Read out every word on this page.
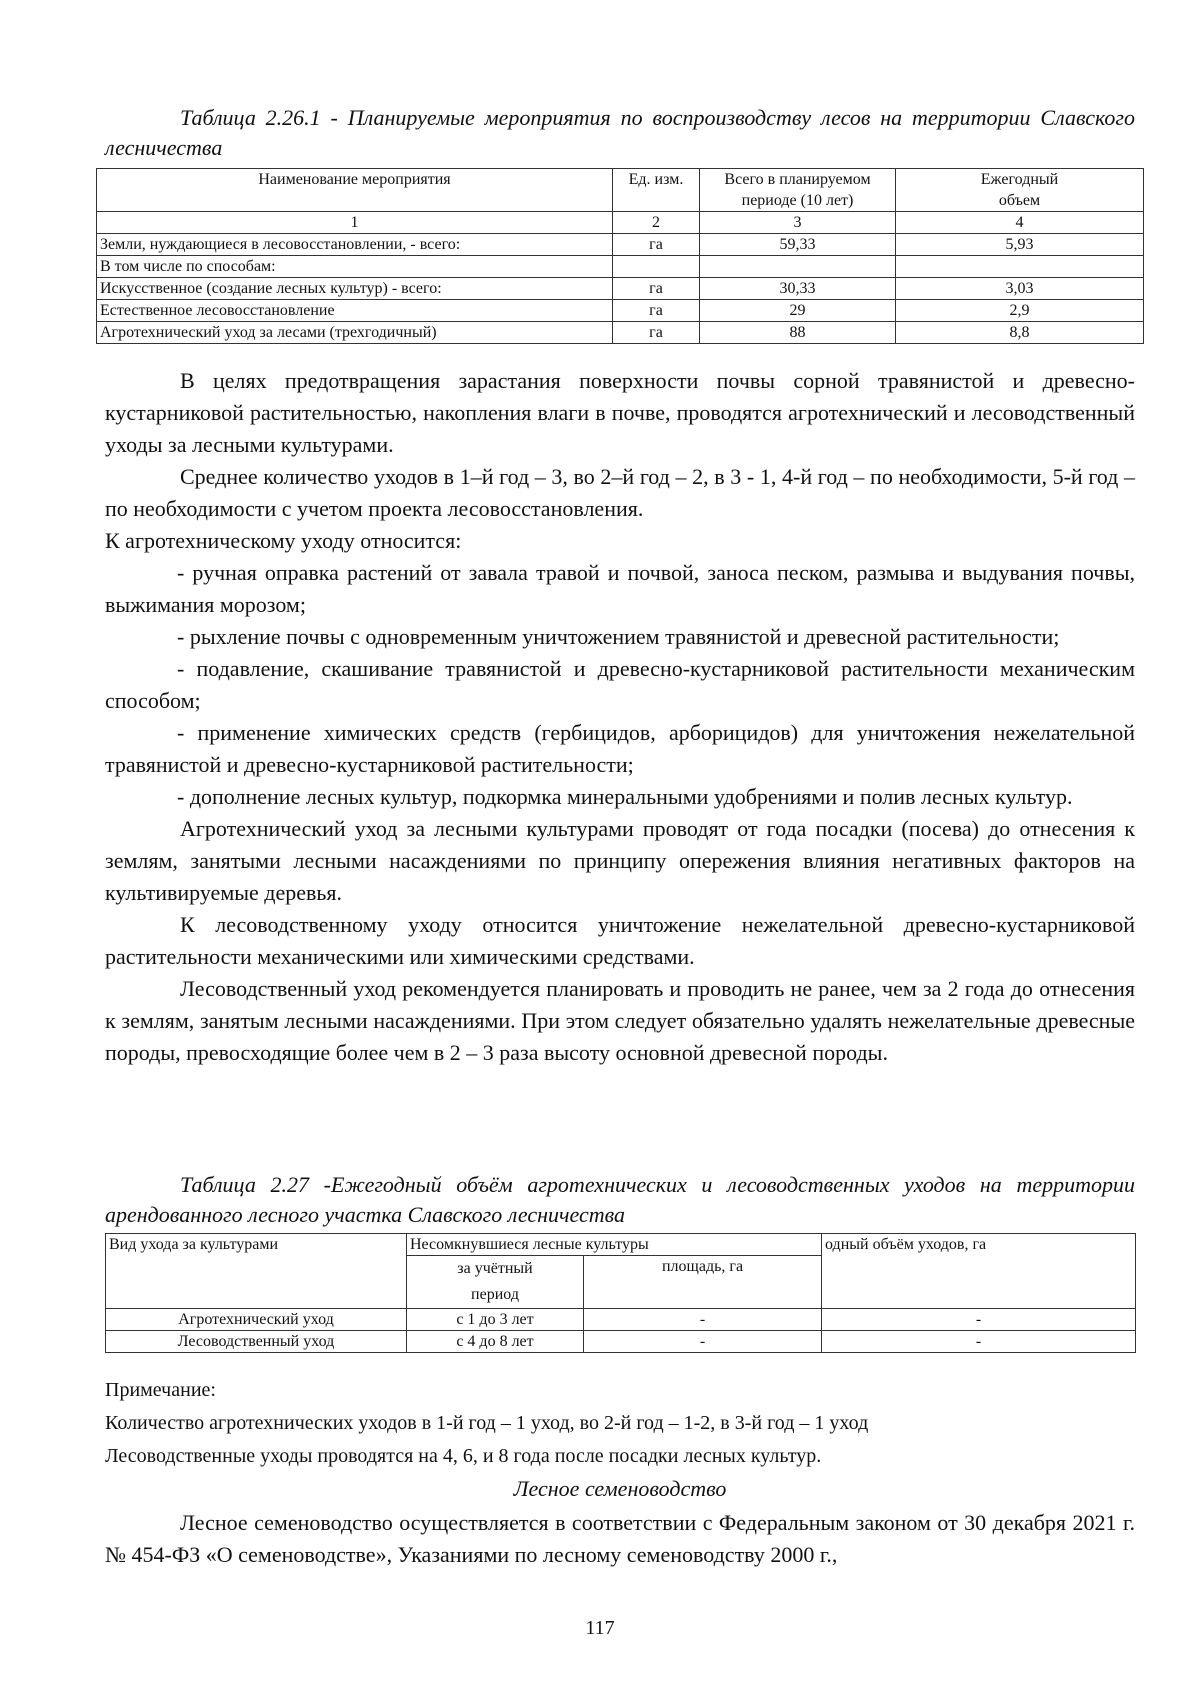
Таблица 2.26.1 - Планируемые мероприятия по воспроизводству лесов на территории Славского лесничества
Наименование мероприятия	Ед. изм.	Всего в планируемом периоде (10 лет)	Ежегодный объем
1	2	3	4
Земли, нуждающиеся в лесовосстановлении, - всего:	га	59,33	5,93
В том числе по способам:			
Искусственное (создание лесных культур) - всего:	га	30,33	3,03
Естественное лесовосстановление	га	29	2,9
Агротехнический уход за лесами (трехгодичный)	га	88	8,8

В целях предотвращения зарастания поверхности почвы сорной травянистой и древесно-кустарниковой растительностью, накопления влаги в почве, проводятся агротехнический и лесоводственный уходы за лесными культурами.

Среднее количество уходов в 1–й год – 3, во 2–й год – 2, в 3 - 1, 4-й год – по необходимости, 5-й год – по необходимости с учетом проекта лесовосстановления.

К агротехническому уходу относится:

- ручная оправка растений от завала травой и почвой, заноса песком, размыва и выдувания почвы, выжимания морозом;

- рыхление почвы с одновременным уничтожением травянистой и древесной растительности;

- подавление, скашивание травянистой и древесно-кустарниковой растительности механическим способом;

- применение химических средств (гербицидов, арборицидов) для уничтожения нежелательной травянистой и древесно-кустарниковой растительности;

- дополнение лесных культур, подкормка минеральными удобрениями и полив лесных культур.

Агротехнический уход за лесными культурами проводят от года посадки (посева) до отнесения к землям, занятыми лесными насаждениями по принципу опережения влияния негативных факторов на культивируемые деревья.

К лесоводственному уходу относится уничтожение нежелательной древесно-кустарниковой растительности механическими или химическими средствами.

Лесоводственный уход рекомендуется планировать и проводить не ранее, чем за 2 года до отнесения к землям, занятым лесными насаждениями. При этом следует обязательно удалять нежелательные древесные породы, превосходящие более чем в 2 – 3 раза высоту основной древесной породы.

Таблица 2.27 -Ежегодный объём агротехнических и лесоводственных уходов на территории арендованного лесного участка Славского лесничества
Вид ухода за культурами	Несомкнувшиеся лесные культуры		одный объём уходов, га
	за учётный период	площадь, га	
Агротехнический уход	с 1 до 3 лет	-	-
Лесоводственный уход	с 4 до 8 лет	-	-

Примечание:

Количество агротехнических уходов в 1-й год – 1 уход, во 2-й год – 1-2, в 3-й год – 1 уход

Лесоводственные уходы проводятся на 4, 6, и 8 года после посадки лесных культур.

Лесное семеноводство

Лесное семеноводство осуществляется в соответствии с Федеральным законом от 30 декабря 2021 г. № 454-ФЗ «О семеноводстве», Указаниями по лесному семеноводству 2000 г.,

117
